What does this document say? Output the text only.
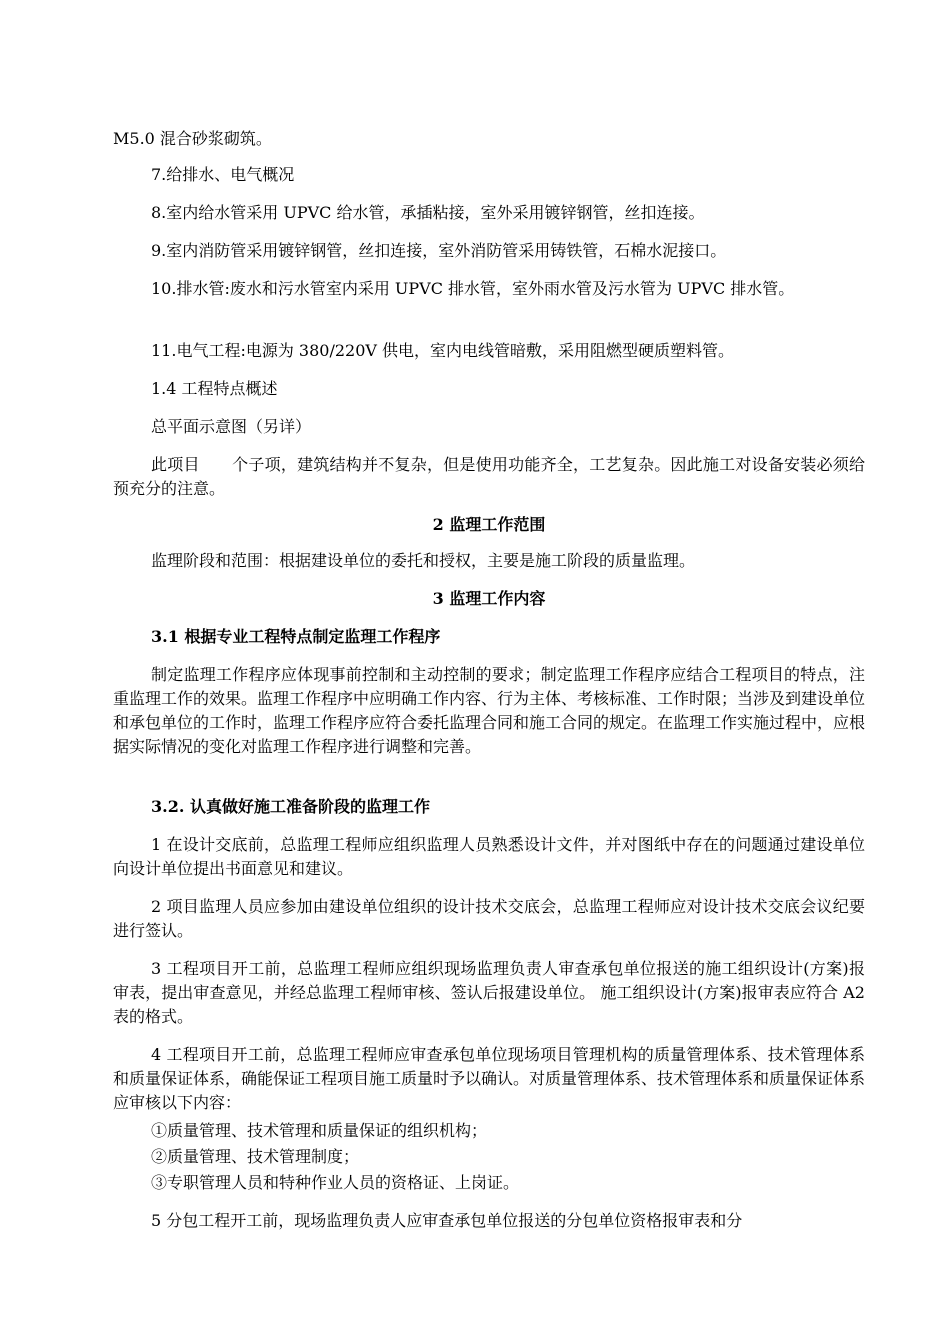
M5.0 混合砂浆砌筑。
7.给排水、电气概况
8.室内给水管采用 UPVC 给水管，承插粘接，室外采用镀锌钢管，丝扣连接。
9.室内消防管采用镀锌钢管，丝扣连接，室外消防管采用铸铁管，石棉水泥接口。
10.排水管:废水和污水管室内采用 UPVC 排水管，室外雨水管及污水管为 UPVC 排水管。
11.电气工程:电源为 380/220V 供电，室内电线管暗敷，采用阻燃型硬质塑料管。
1.4 工程特点概述
总平面示意图（另详）
此项目　　个子项，建筑结构并不复杂，但是使用功能齐全，工艺复杂。因此施工对设备安装必须给预充分的注意。
2 监理工作范围
监理阶段和范围：根据建设单位的委托和授权，主要是施工阶段的质量监理。
3 监理工作内容
3.1 根据专业工程特点制定监理工作程序
制定监理工作程序应体现事前控制和主动控制的要求；制定监理工作程序应结合工程项目的特点，注重监理工作的效果。监理工作程序中应明确工作内容、行为主体、考核标准、工作时限；当涉及到建设单位和承包单位的工作时，监理工作程序应符合委托监理合同和施工合同的规定。在监理工作实施过程中，应根据实际情况的变化对监理工作程序进行调整和完善。
3.2. 认真做好施工准备阶段的监理工作
1 在设计交底前，总监理工程师应组织监理人员熟悉设计文件，并对图纸中存在的问题通过建设单位向设计单位提出书面意见和建议。
2 项目监理人员应参加由建设单位组织的设计技术交底会，总监理工程师应对设计技术交底会议纪要进行签认。
3 工程项目开工前，总监理工程师应组织现场监理负责人审查承包单位报送的施工组织设计(方案)报审表，提出审查意见，并经总监理工程师审核、签认后报建设单位。 施工组织设计(方案)报审表应符合 A2 表的格式。
4 工程项目开工前，总监理工程师应审查承包单位现场项目管理机构的质量管理体系、技术管理体系和质量保证体系，确能保证工程项目施工质量时予以确认。对质量管理体系、技术管理体系和质量保证体系应审核以下内容：
①质量管理、技术管理和质量保证的组织机构；
②质量管理、技术管理制度；
③专职管理人员和特种作业人员的资格证、上岗证。
5 分包工程开工前，现场监理负责人应审查承包单位报送的分包单位资格报审表和分
